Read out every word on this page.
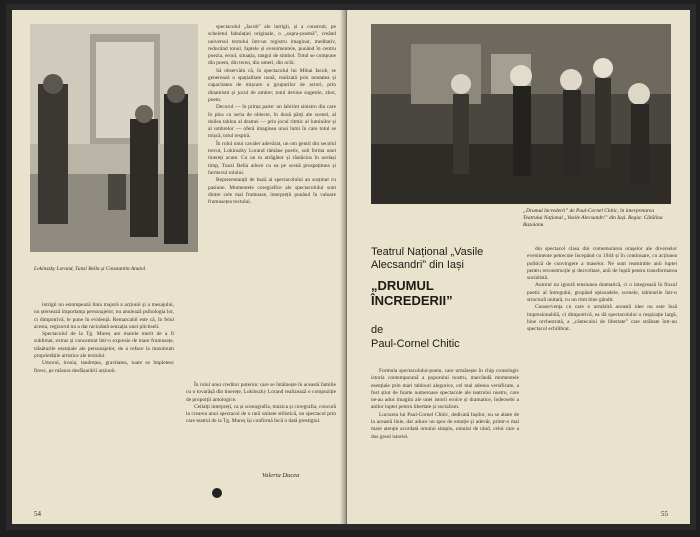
Lokinszky Lorand, Tunzi Bella și Constantin Anatol

spectacolul „Iacob” ale intrigii, și a construit, pe scheletul fabulației originale, o „supra-poemă”, creând universul textului într-un registru imaginar, meditativ, reducând tonul, faptele și evenimentele, punând în centru poezia, eroul, situația, rangul de simbol. Totul se compune din poem, din teren, din umeri, din ochi.

Să observăm că, în spectacolul lui Mihai Iacob, se generează o spațialitate nouă, realizată prin noutatea și capacitatea de mișcare a grupurilor de actori, prin dinamism și jocul de umbre; totul devine sugestie, zbor, poem.

Decorul — în prima parte: un labirint sinistru din care în plus cu seria de obiecte, în două părți ale scenei, al doilea tablou al dramei — prin jocul ritmic al luminilor și al umbrelor — oferă imaginea unui lumi în care totul se mișcă, totul respiră.

În rolul unui cavaler adevărat, un om gentil din secolul trecut, Lokinszky Lorand rămâne poetic, sub forma unei tinereți acute. Cu un tu atrăgător și răutăcios în același timp, Tunzi Bella aduce cu ea pe scenă prospețimea și farmecul rolului.

Reprezentanții de bază ai spectacolului au susținut cu pasiune. Momentele coregrafice ale spectacolului sunt dintre cele mai frumoase, interpreții punând în valoare frumusețea textului.

intrigii nu estompează linia majoră a acțiunii și a mesajului, nu ștersează importanța personajelor, nu anulează psihologia lor, ci dimpotrivă, le pune în evidență. Remarcabil este că, în felul acesta, regizorul nu a dat niciodată senzația unei plictiseli.

Spectacolul de la Tg. Mureș are marele merit de a fi sublimat, extras și concentrat într-o expresie de mare frumusețe, trăsăturile esențiale ale personajelor, de a reface la maximum proprietățile artistice ale textului.

Umorul, ironia, tandrețea, gravitatea, toate se împletesc firesc, pe măsura desfășurării acțiunii.

În rolul unui creditor puternic care se întâlnește în această familie cu o tovarășă din tinerețe, Lokinszky Lorand realizează o compoziție de proporții antologice.

Ceilalți interpreți, ca și scenografia, muzica și coregrafia, concură la crearea unui spectacol de o rară unitate stilistică, un spectacol prin care teatrul de la Tg. Mureș își confirmă încă o dată prestigiul.

Valeria Ducea
54
„Drumul încrederii” de Paul-Cornel Chitic, în interpretarea Teatrului Național „Vasile Alecsandri” din Iași. Regia: Cătălina Buzoianu
Teatrul Național „Vasile
Alecsandri” din Iași
„DRUMUL
ÎNCREDERII”
de
Paul-Cornel Chitic

Formula spectacolului-poem, care urmărește în chip cronologic istoria contemporană a poporului nostru, marcândă momentele esențiale prin mari tablouri alegorice, cel mai adesea versificate, a fost știut de foarte numeroase spectacole ale teatrului nostru, care ne-au adus imagini ale unei istorii eroice și dramatice, îndeosebi a anilor luptei pentru libertate și socialism.

Lucrarea lui Paul-Cornel Chitic, dedicată Iașilor, nu se abate de la această linie, dar aduce un spor de emoție și adevăr, printr-o mai mare atenție acordată omului simplu, omului de rând, celui care a dus greul istoriei.

din spectacol clasa din comemorarea orașelor ale diverselor evenimente petrecute începând cu 1944 și în continuare, cu acțiunea politică de convingere a maselor. Ne sunt reamintite anii luptei pentru reconstrucție și dezvoltare, anii de luptă pentru transformarea socialistă.

Autorul nu ignoră tensiunea dramatică, ci o integrează în fluxul poetic al întregului, grupând episoadele, scenele, tablourile într-o structură unitară, cu un ritm bine gândit.

Consecvența cu care e urmărită această idee nu este însă impresionabilă, ci dimpotrivă, ea dă spectacolului o respirație largă, bine orchestrată, a „cântecului de libertate” care străbate într-un spectacol echilibrat.

55
